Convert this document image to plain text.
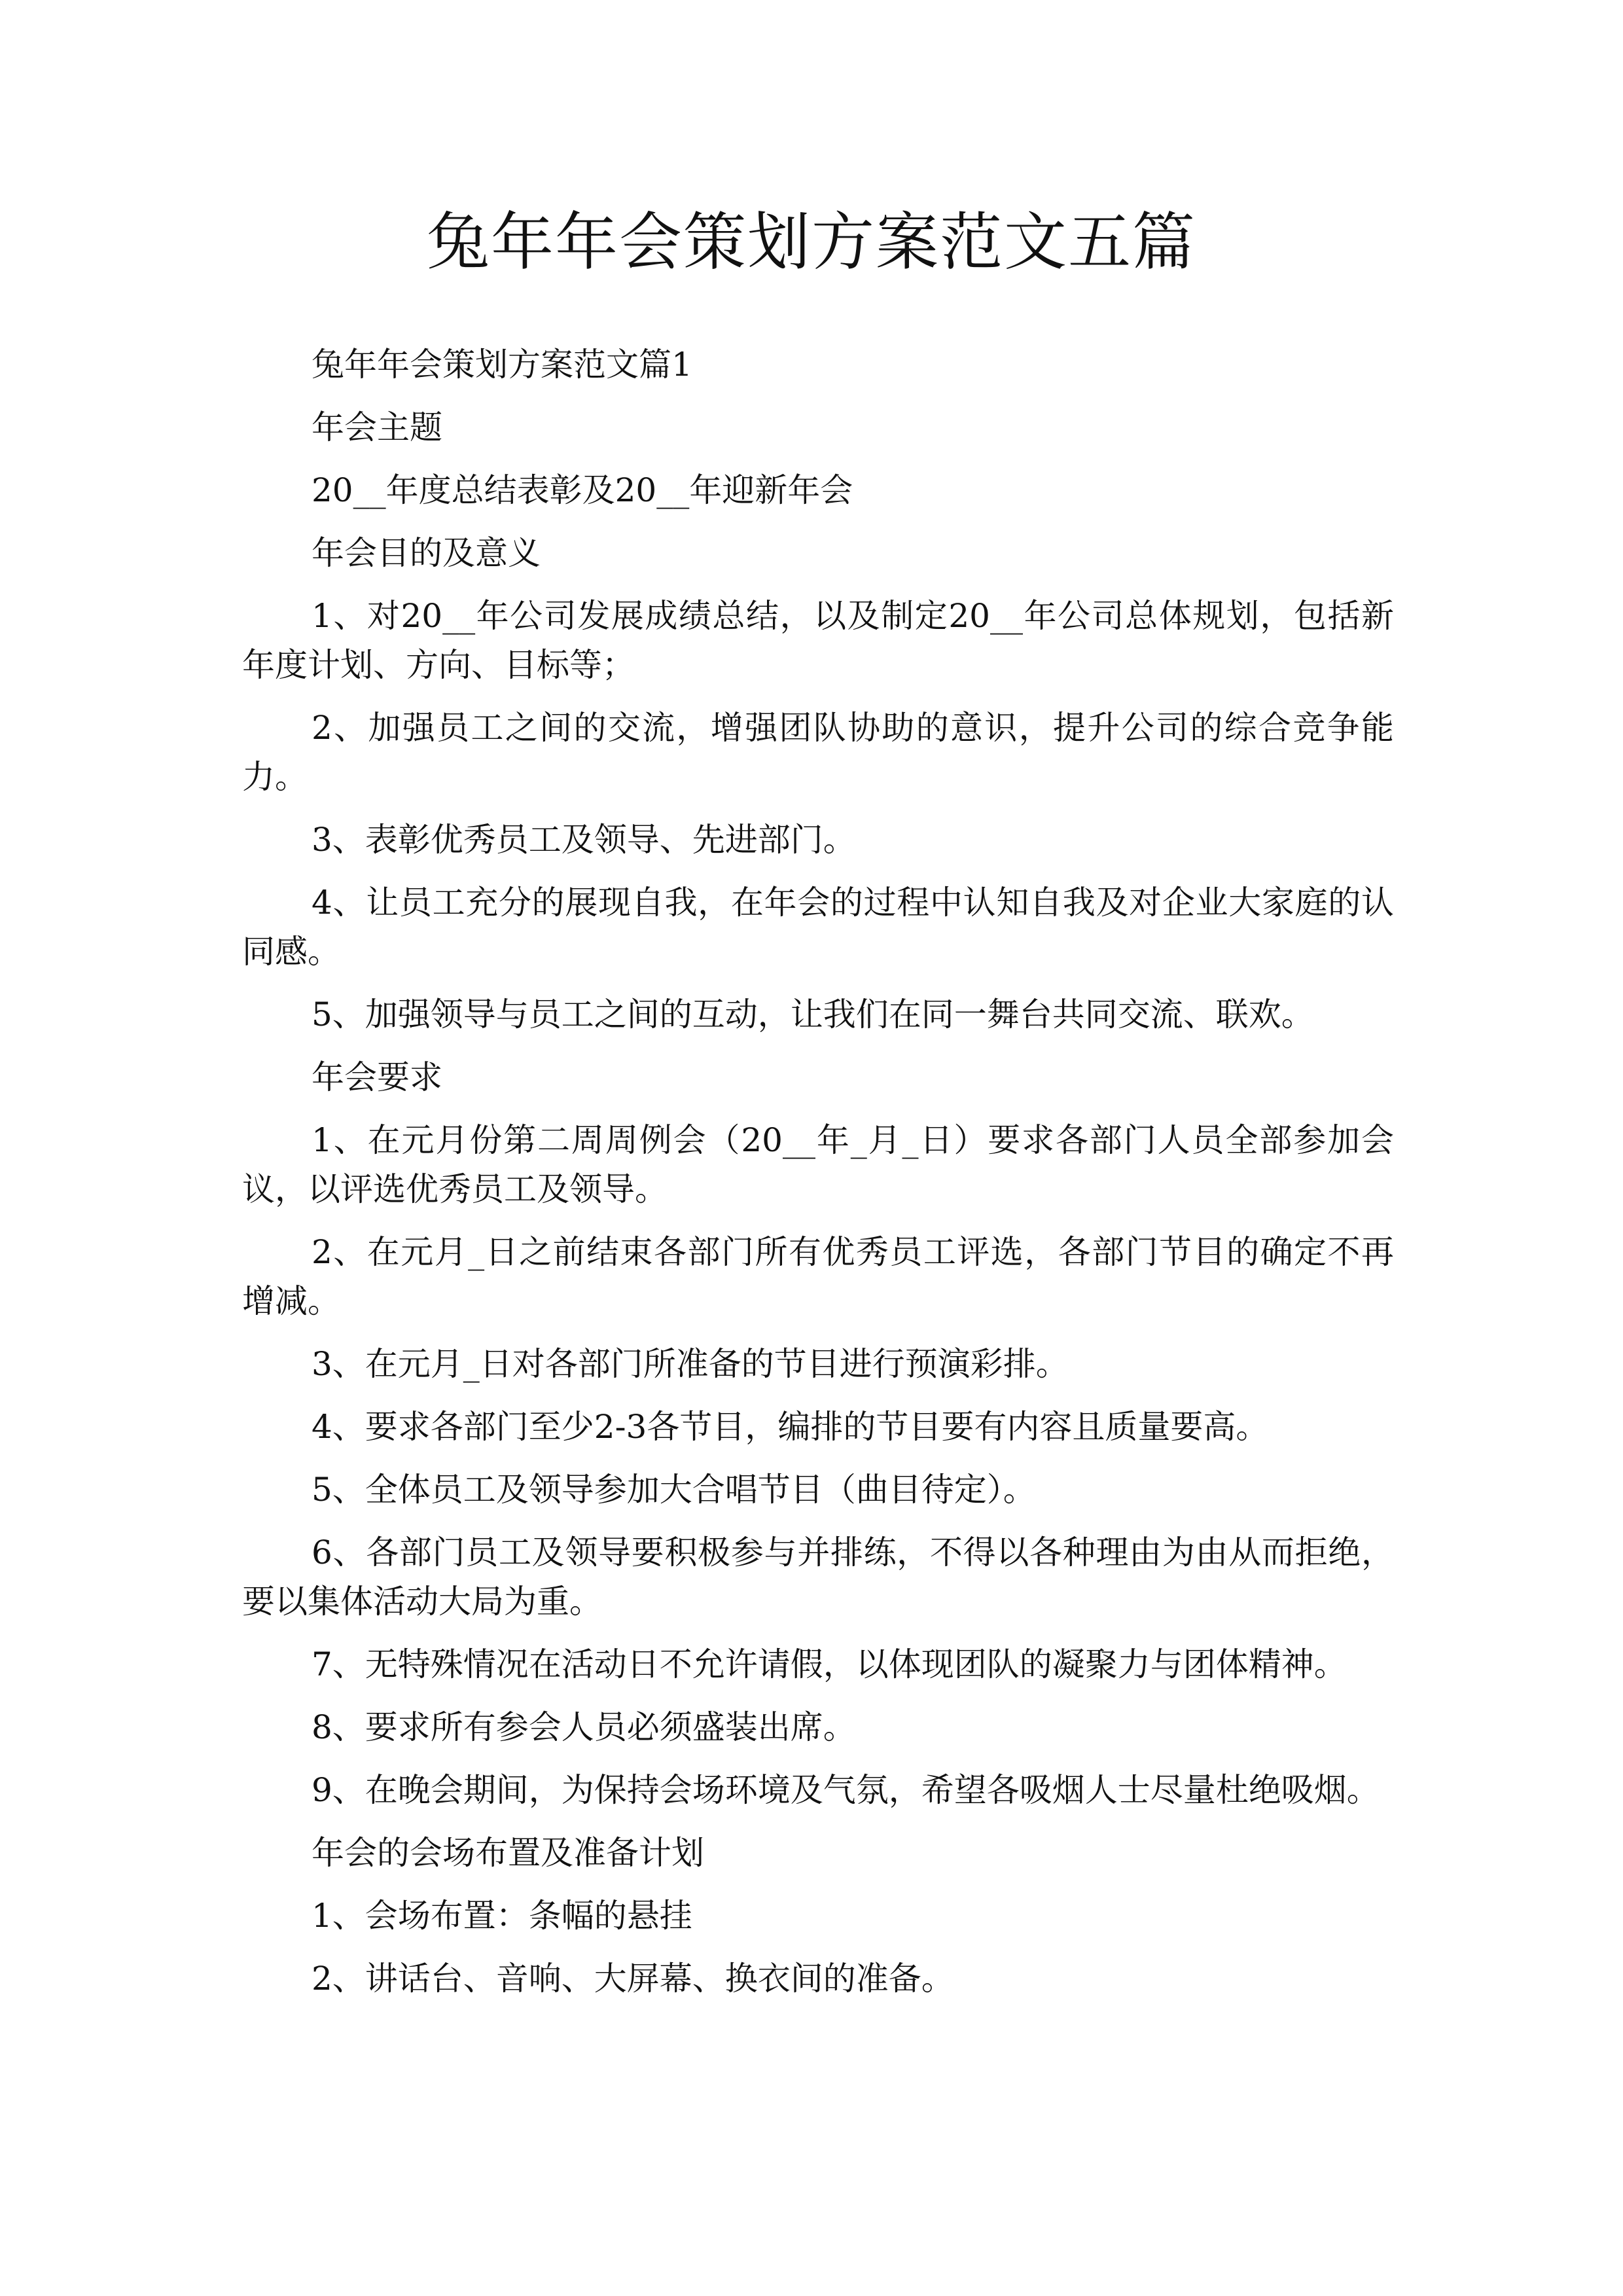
兔年年会策划方案范文五篇

兔年年会策划方案范文篇1

年会主题

20__年度总结表彰及20__年迎新年会

年会目的及意义

1、对20__年公司发展成绩总结，以及制定20__年公司总体规划，包括新年度计划、方向、目标等；

2、加强员工之间的交流，增强团队协助的意识，提升公司的综合竞争能力。

3、表彰优秀员工及领导、先进部门。

4、让员工充分的展现自我，在年会的过程中认知自我及对企业大家庭的认同感。

5、加强领导与员工之间的互动，让我们在同一舞台共同交流、联欢。

年会要求

1、在元月份第二周周例会（20__年_月_日）要求各部门人员全部参加会议，以评选优秀员工及领导。

2、在元月_日之前结束各部门所有优秀员工评选，各部门节目的确定不再增减。

3、在元月_日对各部门所准备的节目进行预演彩排。

4、要求各部门至少2-3各节目，编排的节目要有内容且质量要高。

5、全体员工及领导参加大合唱节目（曲目待定）。

6、各部门员工及领导要积极参与并排练，不得以各种理由为由从而拒绝，要以集体活动大局为重。

7、无特殊情况在活动日不允许请假，以体现团队的凝聚力与团体精神。

8、要求所有参会人员必须盛装出席。

9、在晚会期间，为保持会场环境及气氛，希望各吸烟人士尽量杜绝吸烟。

年会的会场布置及准备计划

1、会场布置：条幅的悬挂

2、讲话台、音响、大屏幕、换衣间的准备。
